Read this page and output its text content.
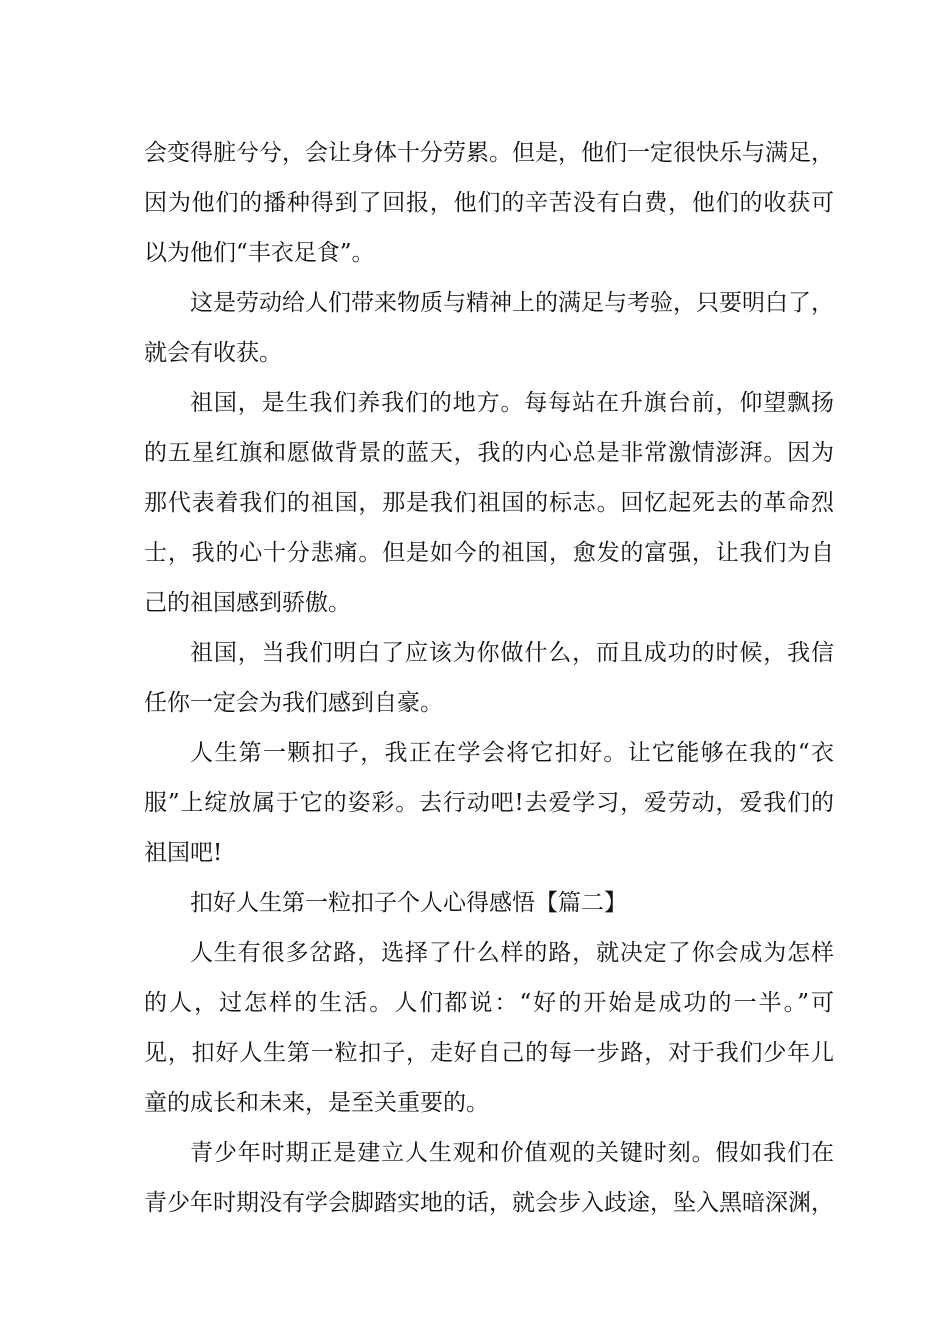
会变得脏兮兮，会让身体十分劳累。但是，他们一定很快乐与满足，
因为他们的播种得到了回报，他们的辛苦没有白费，他们的收获可
以为他们“丰衣足食”。
这是劳动给人们带来物质与精神上的满足与考验，只要明白了，
就会有收获。
祖国，是生我们养我们的地方。每每站在升旗台前，仰望飘扬
的五星红旗和愿做背景的蓝天，我的内心总是非常激情澎湃。因为
那代表着我们的祖国，那是我们祖国的标志。回忆起死去的革命烈
士，我的心十分悲痛。但是如今的祖国，愈发的富强，让我们为自
己的祖国感到骄傲。
祖国，当我们明白了应该为你做什么，而且成功的时候，我信
任你一定会为我们感到自豪。
人生第一颗扣子，我正在学会将它扣好。让它能够在我的“衣
服”上绽放属于它的姿彩。去行动吧!去爱学习，爱劳动，爱我们的
祖国吧!
扣好人生第一粒扣子个人心得感悟【篇二】
人生有很多岔路，选择了什么样的路，就决定了你会成为怎样
的人，过怎样的生活。人们都说：“好的开始是成功的一半。”可
见，扣好人生第一粒扣子，走好自己的每一步路，对于我们少年儿
童的成长和未来，是至关重要的。
青少年时期正是建立人生观和价值观的关键时刻。假如我们在
青少年时期没有学会脚踏实地的话，就会步入歧途，坠入黑暗深渊，
